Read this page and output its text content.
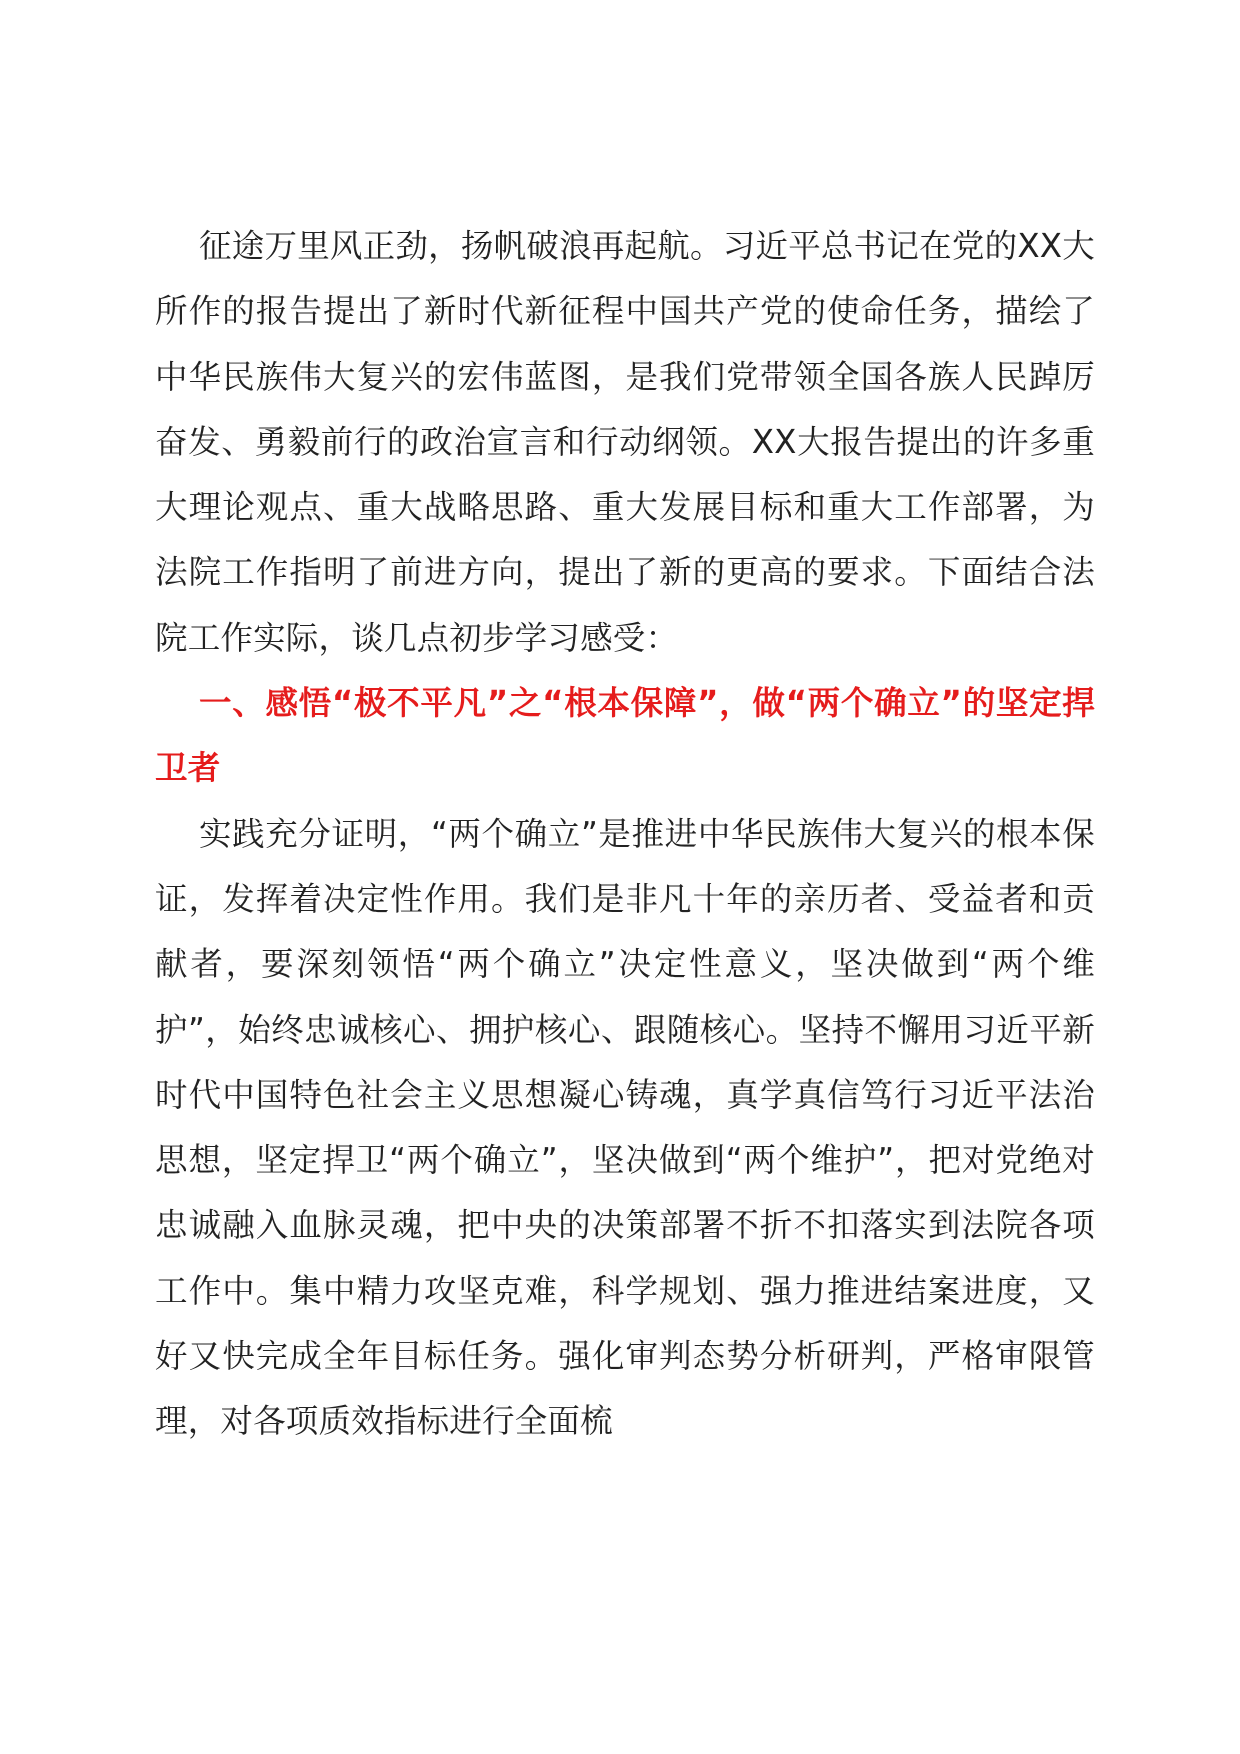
征途万里风正劲，扬帆破浪再起航。习近平总书记在党的XX大所作的报告提出了新时代新征程中国共产党的使命任务，描绘了中华民族伟大复兴的宏伟蓝图，是我们党带领全国各族人民踔厉奋发、勇毅前行的政治宣言和行动纲领。XX大报告提出的许多重大理论观点、重大战略思路、重大发展目标和重大工作部署，为法院工作指明了前进方向，提出了新的更高的要求。下面结合法院工作实际，谈几点初步学习感受：

一、感悟“极不平凡”之“根本保障”，做“两个确立”的坚定捍卫者

实践充分证明，“两个确立”是推进中华民族伟大复兴的根本保证，发挥着决定性作用。我们是非凡十年的亲历者、受益者和贡献者，要深刻领悟“两个确立”决定性意义，坚决做到“两个维护”，始终忠诚核心、拥护核心、跟随核心。坚持不懈用习近平新时代中国特色社会主义思想凝心铸魂，真学真信笃行习近平法治思想，坚定捍卫“两个确立”，坚决做到“两个维护”，把对党绝对忠诚融入血脉灵魂，把中央的决策部署不折不扣落实到法院各项工作中。集中精力攻坚克难，科学规划、强力推进结案进度，又好又快完成全年目标任务。强化审判态势分析研判，严格审限管理，对各项质效指标进行全面梳
